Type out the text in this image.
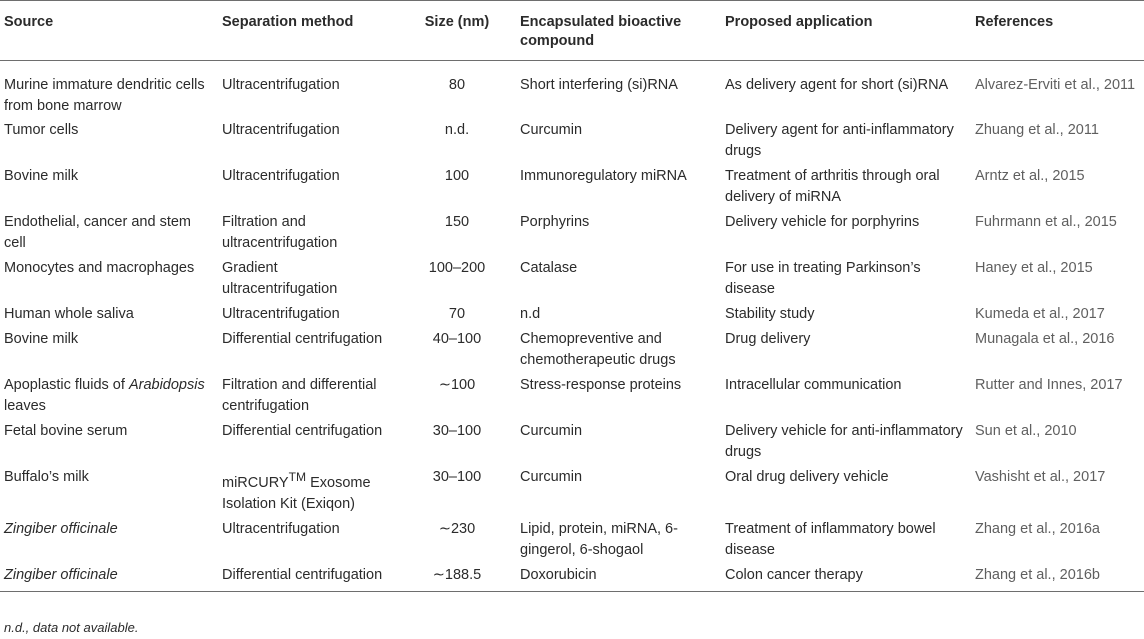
Source	Separation method	Size (nm)	Encapsulated bioactive compound	Proposed application	References
Murine immature dendritic cells from bone marrow	Ultracentrifugation	80	Short interfering (si)RNA	As delivery agent for short (si)RNA	Alvarez-Erviti et al., 2011
Tumor cells	Ultracentrifugation	n.d.	Curcumin	Delivery agent for anti-inflammatory drugs	Zhuang et al., 2011
Bovine milk	Ultracentrifugation	100	Immunoregulatory miRNA	Treatment of arthritis through oral delivery of miRNA	Arntz et al., 2015
Endothelial, cancer and stem cell	Filtration and ultracentrifugation	150	Porphyrins	Delivery vehicle for porphyrins	Fuhrmann et al., 2015
Monocytes and macrophages	Gradient ultracentrifugation	100–200	Catalase	For use in treating Parkinson’s disease	Haney et al., 2015
Human whole saliva	Ultracentrifugation	70	n.d	Stability study	Kumeda et al., 2017
Bovine milk	Differential centrifugation	40–100	Chemopreventive and chemotherapeutic drugs	Drug delivery	Munagala et al., 2016
Apoplastic fluids of Arabidopsis leaves	Filtration and differential centrifugation	∼100	Stress-response proteins	Intracellular communication	Rutter and Innes, 2017
Fetal bovine serum	Differential centrifugation	30–100	Curcumin	Delivery vehicle for anti-inflammatory drugs	Sun et al., 2010
Buffalo’s milk	miRCURY™ Exosome Isolation Kit (Exiqon)	30–100	Curcumin	Oral drug delivery vehicle	Vashisht et al., 2017
Zingiber officinale	Ultracentrifugation	∼230	Lipid, protein, miRNA, 6-gingerol, 6-shogaol	Treatment of inflammatory bowel disease	Zhang et al., 2016a
Zingiber officinale	Differential centrifugation	∼188.5	Doxorubicin	Colon cancer therapy	Zhang et al., 2016b
n.d., data not available.
